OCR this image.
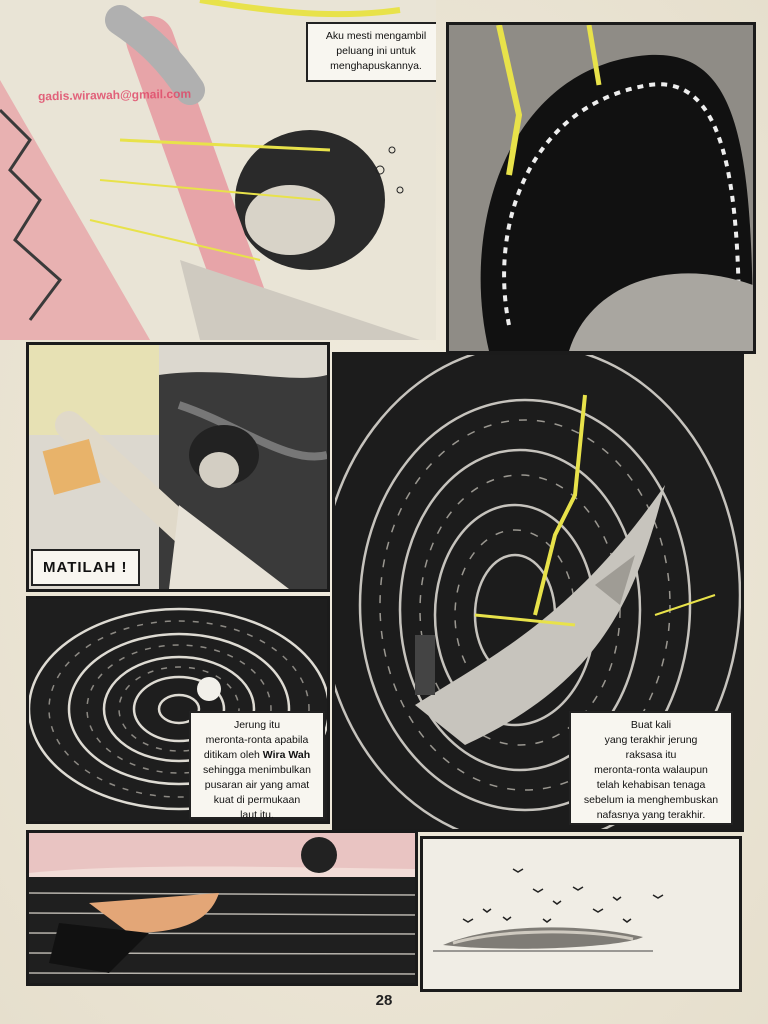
Aku mesti mengambil
peluang ini untuk
menghapuskannya.
gadis.wirawah@gmail.com
MATILAH !
Buat kali
yang terakhir jerung
raksasa itu
meronta-ronta walaupun
telah kehabisan tenaga
sebelum ia menghembuskan
nafasnya yang terakhir.
Jerung itu
meronta-ronta apabila
ditikam oleh Wira Wah
sehingga menimbulkan
pusaran air yang amat
kuat di permukaan
laut itu.
28
